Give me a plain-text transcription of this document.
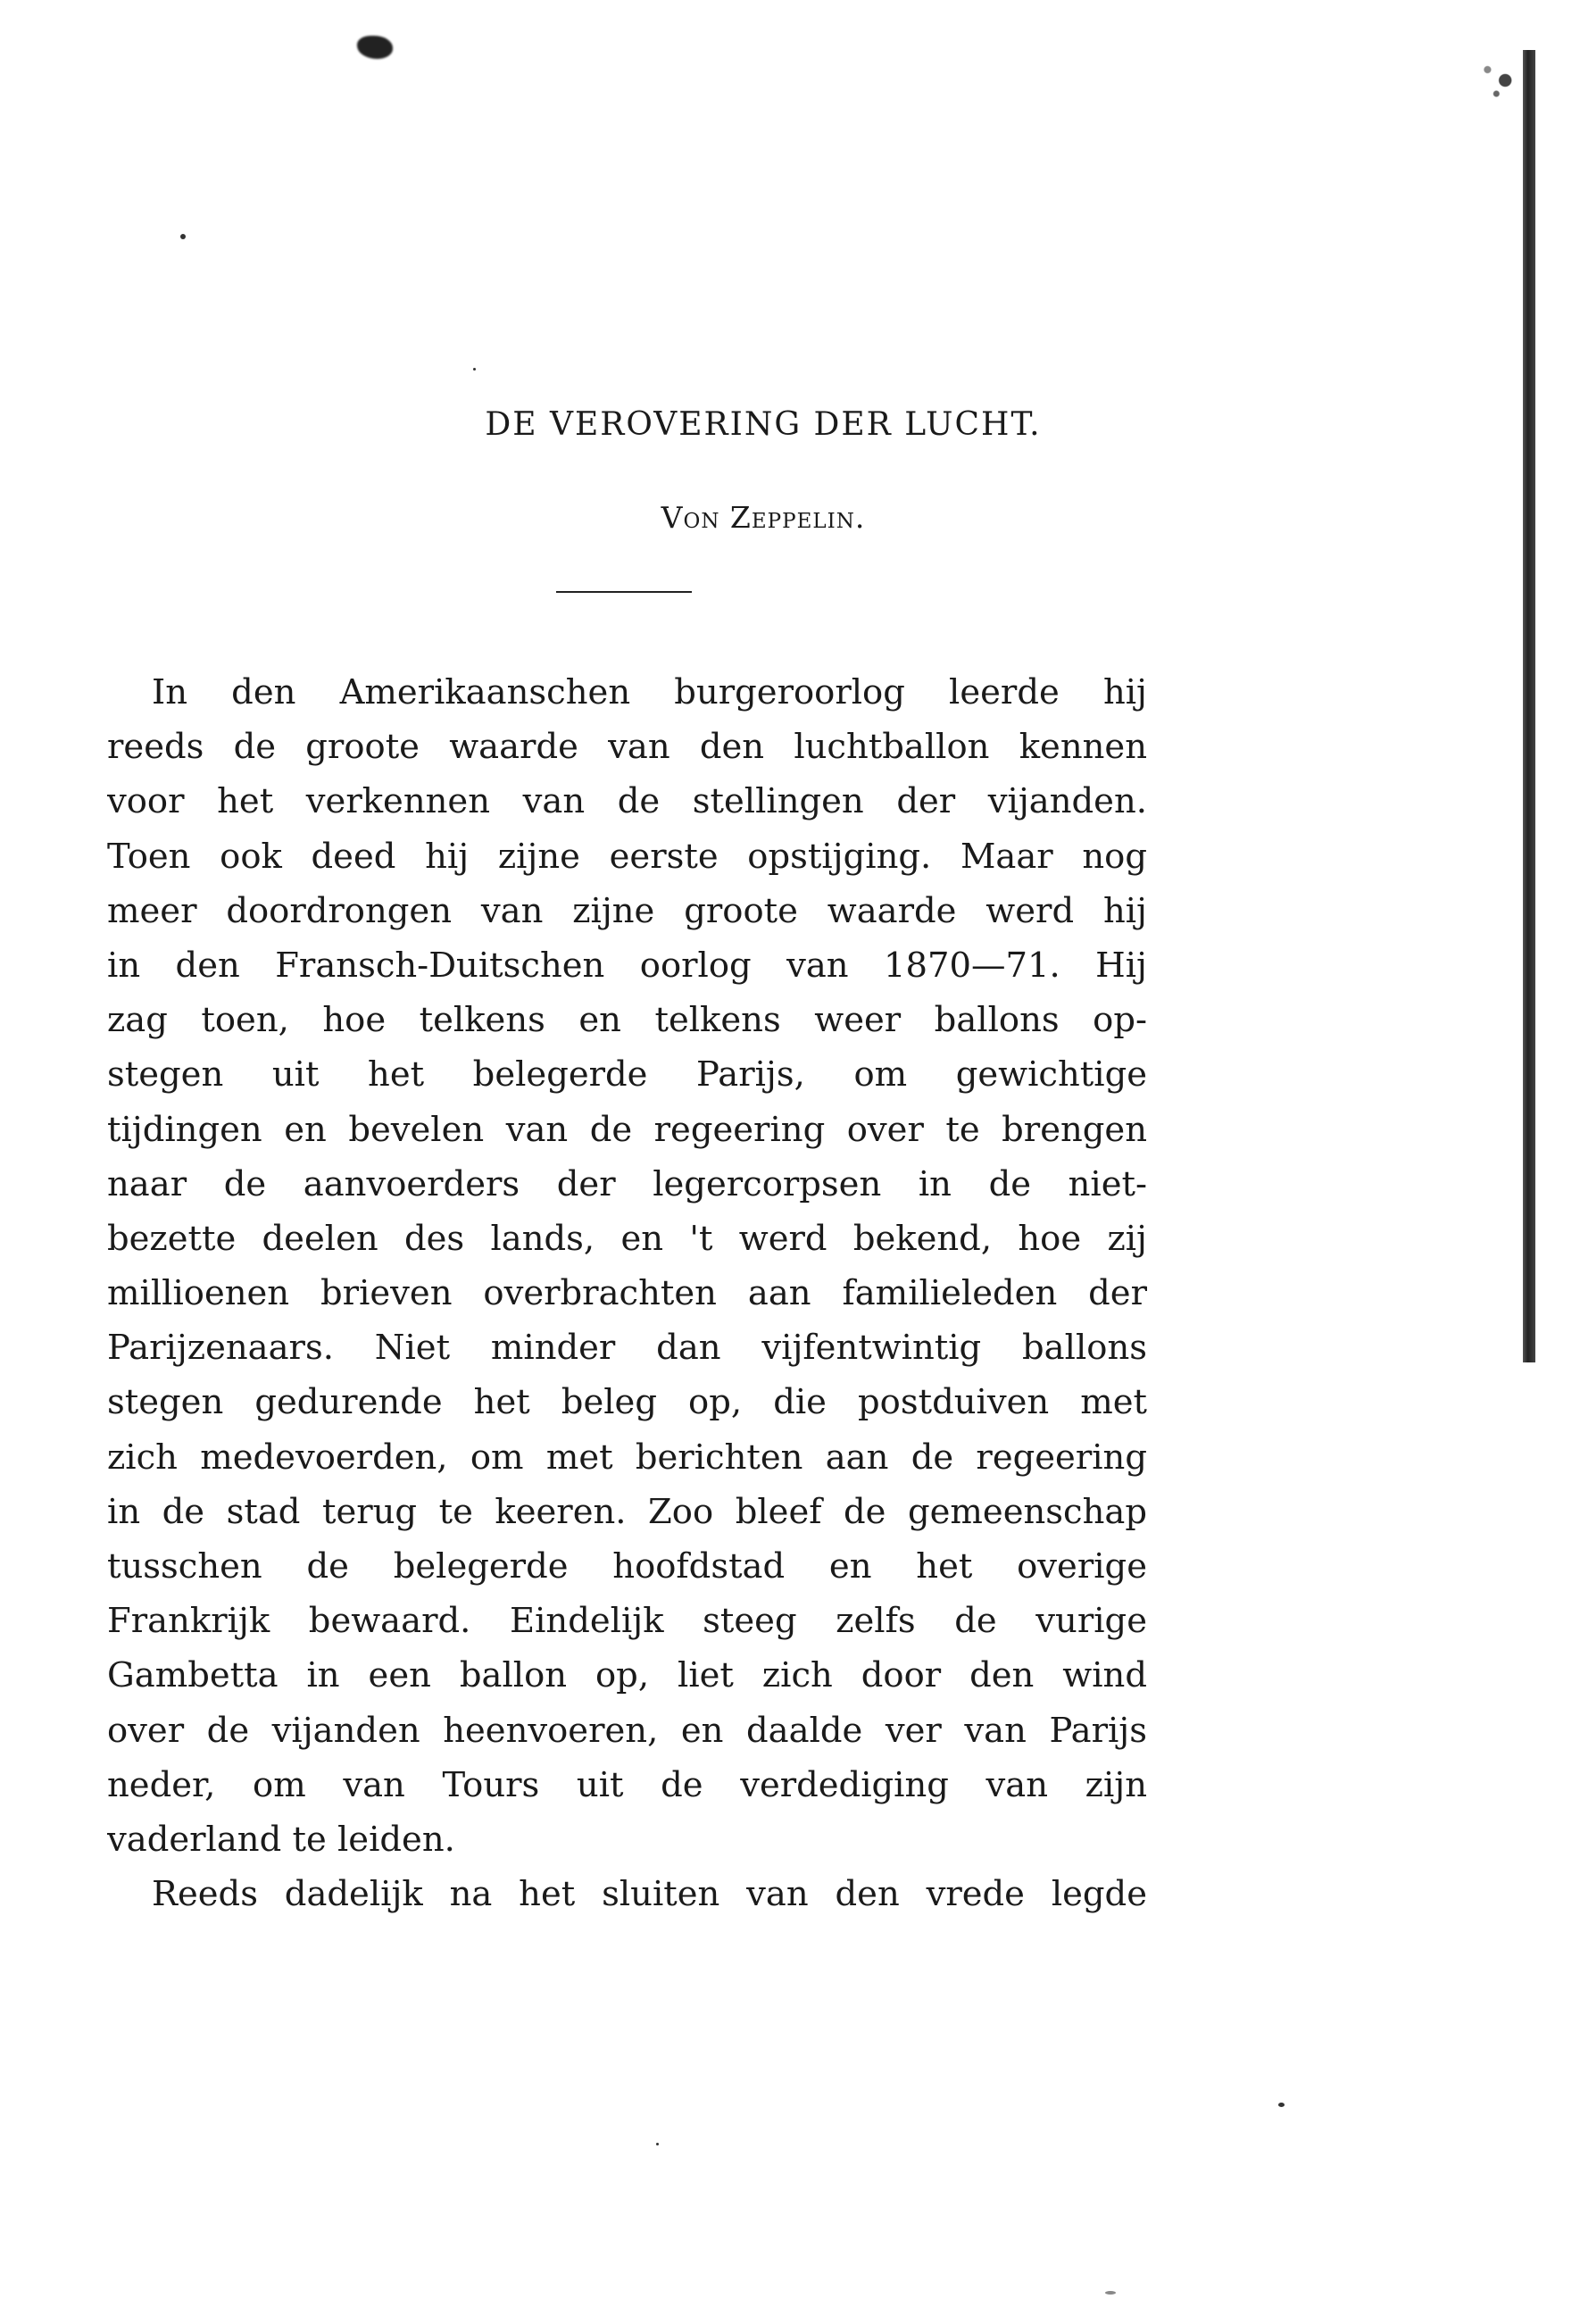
DE VEROVERING DER LUCHT.
Von Zeppelin.
In den Amerikaanschen burgeroorlog leerde hij
reeds de groote waarde van den luchtballon kennen
voor het verkennen van de stellingen der vijanden.
Toen ook deed hij zijne eerste opstijging. Maar nog
meer doordrongen van zijne groote waarde werd hij
in den Fransch-Duitschen oorlog van 1870—71. Hij
zag toen, hoe telkens en telkens weer ballons op-
stegen uit het belegerde Parijs, om gewichtige
tijdingen en bevelen van de regeering over te brengen
naar de aanvoerders der legercorpsen in de niet-
bezette deelen des lands, en 't werd bekend, hoe zij
millioenen brieven overbrachten aan familieleden der
Parijzenaars. Niet minder dan vijfentwintig ballons
stegen gedurende het beleg op, die postduiven met
zich medevoerden, om met berichten aan de regeering
in de stad terug te keeren. Zoo bleef de gemeenschap
tusschen de belegerde hoofdstad en het overige
Frankrijk bewaard. Eindelijk steeg zelfs de vurige
Gambetta in een ballon op, liet zich door den wind
over de vijanden heenvoeren, en daalde ver van Parijs
neder, om van Tours uit de verdediging van zijn
vaderland te leiden.
Reeds dadelijk na het sluiten van den vrede legde
